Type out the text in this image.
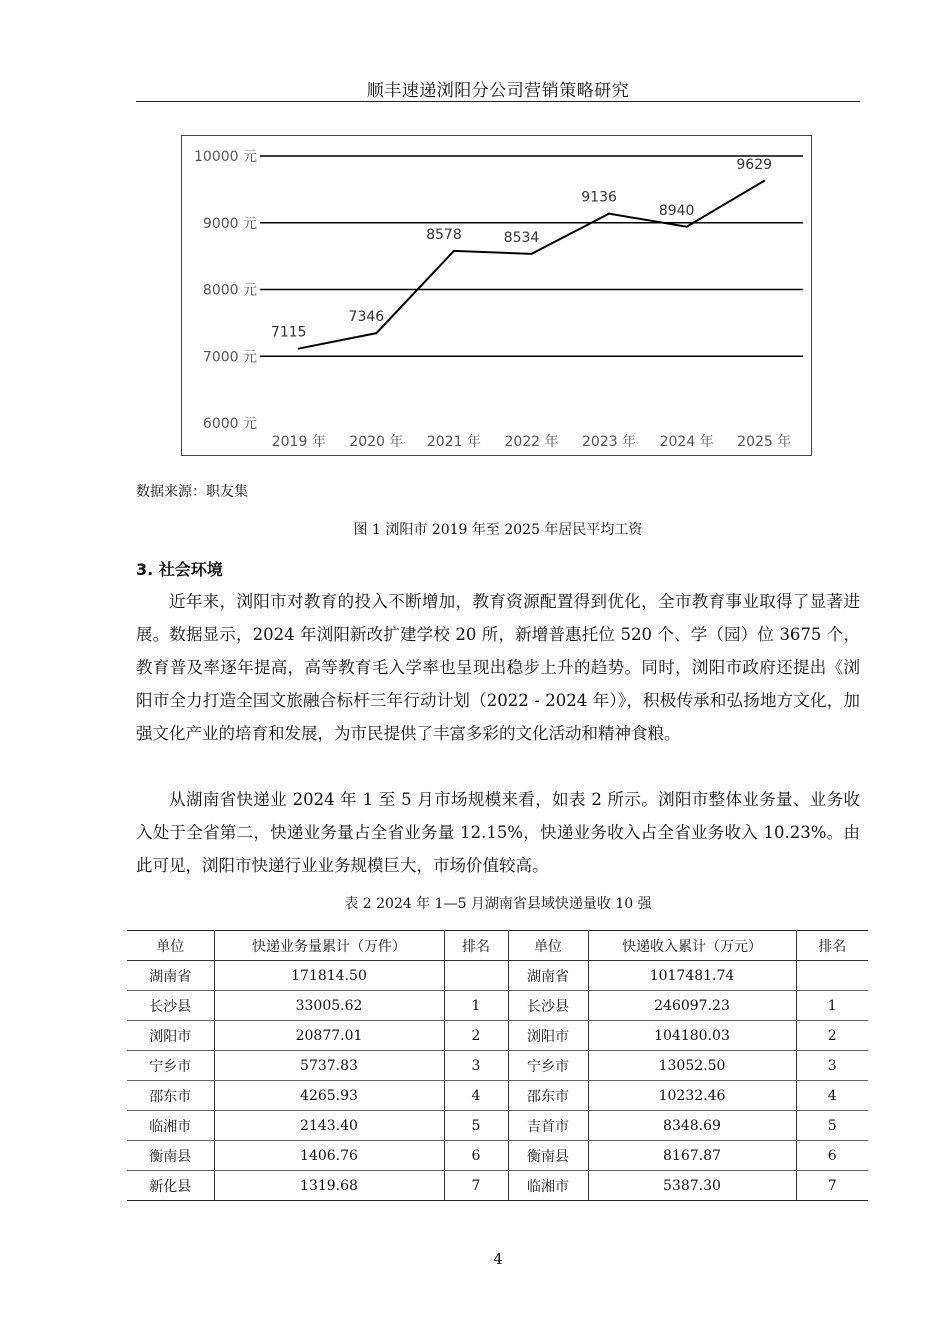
顺丰速递浏阳分公司营销策略研究
6000 元
7000 元
8000 元
9000 元
10000 元
2019 年 2020 年 2021 年 2022 年 2023 年 2024 年 2025 年
7115
7346
8578	8534
9136
8940
9629
数据来源：职友集
图 1 浏阳市 2019 年至 2025 年居民平均工资
3. 社会环境

近年来，浏阳市对教育的投入不断增加，教育资源配置得到优化，全市教育事业取得了显著进展。数据显示，2024 年浏阳新改扩建学校 20 所，新增普惠托位 520 个、学（园）位 3675 个，教育普及率逐年提高，高等教育毛入学率也呈现出稳步上升的趋势。同时，浏阳市政府还提出《浏阳市全力打造全国文旅融合标杆三年行动计划（2022 - 2024 年）》，积极传承和弘扬地方文化，加强文化产业的培育和发展，为市民提供了丰富多彩的文化活动和精神食粮。

从湖南省快递业 2024 年 1 至 5 月市场规模来看，如表 2 所示。浏阳市整体业务量、业务收入处于全省第二，快递业务量占全省业务量 12.15%，快递业务收入占全省业务收入 10.23%。由此可见，浏阳市快递行业业务规模巨大，市场价值较高。

表 2 2024 年 1—5 月湖南省县域快递量收 10 强
单位	快递业务量累计（万件）	排名	单位	快递收入累计（万元）	排名
湖南省	171814.50		湖南省	1017481.74	
长沙县	33005.62	1	长沙县	246097.23	1
浏阳市	20877.01	2	浏阳市	104180.03	2
宁乡市	5737.83	3	宁乡市	13052.50	3
邵东市	4265.93	4	邵东市	10232.46	4
临湘市	2143.40	5	吉首市	8348.69	5
衡南县	1406.76	6	衡南县	8167.87	6
新化县	1319.68	7	临湘市	5387.30	7
4
